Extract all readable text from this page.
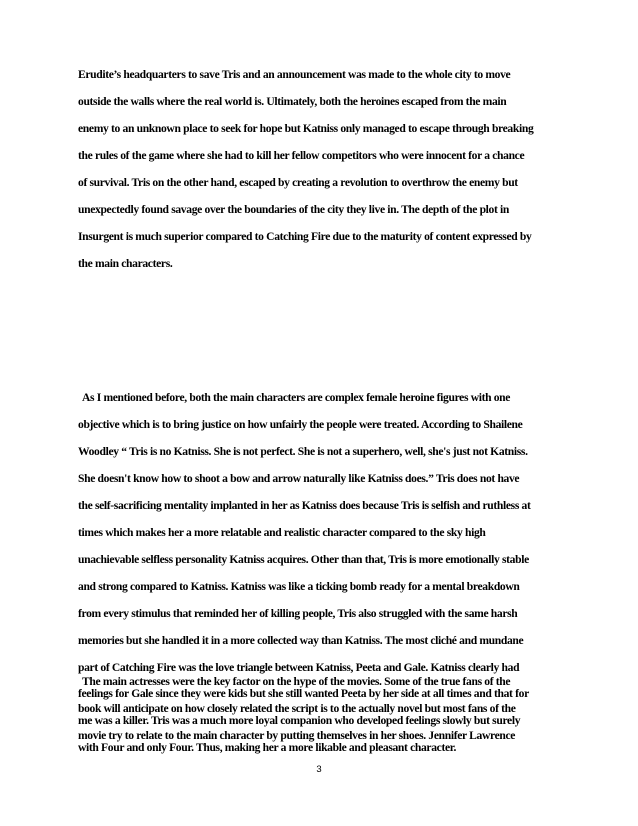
Erudite’s headquarters to save Tris and an announcement was made to the whole city to move
outside the walls where the real world is. Ultimately, both the heroines escaped from the main
enemy to an unknown place to seek for hope but Katniss only managed to escape through breaking
the rules of the game where she had to kill her fellow competitors who were innocent for a chance
of survival. Tris on the other hand, escaped by creating a revolution to overthrow the enemy but
unexpectedly found savage over the boundaries of the city they live in. The depth of the plot in
Insurgent is much superior compared to Catching Fire due to the maturity of content expressed by
the main characters.
As I mentioned before, both the main characters are complex female heroine figures with one
objective which is to bring justice on how unfairly the people were treated. According to Shailene
Woodley “ Tris is no Katniss. She is not perfect. She is not a superhero, well, she's just not Katniss.
She doesn't know how to shoot a bow and arrow naturally like Katniss does.” Tris does not have
the self-sacrificing mentality implanted in her as Katniss does because Tris is selfish and ruthless at
times which makes her a more relatable and realistic character compared to the sky high
unachievable selfless personality Katniss acquires. Other than that, Tris is more emotionally stable
and strong compared to Katniss. Katniss was like a ticking bomb ready for a mental breakdown
from every stimulus that reminded her of killing people, Tris also struggled with the same harsh
memories but she handled it in a more collected way than Katniss. The most cliché and mundane
part of Catching Fire was the love triangle between Katniss, Peeta and Gale. Katniss clearly had
feelings for Gale since they were kids but she still wanted Peeta by her side at all times and that for
me was a killer. Tris was a much more loyal companion who developed feelings slowly but surely
with Four and only Four. Thus, making her a more likable and pleasant character.
The main actresses were the key factor on the hype of the movies. Some of the true fans of the
book will anticipate on how closely related the script is to the actually novel but most fans of the
movie try to relate to the main character by putting themselves in her shoes. Jennifer Lawrence
3
